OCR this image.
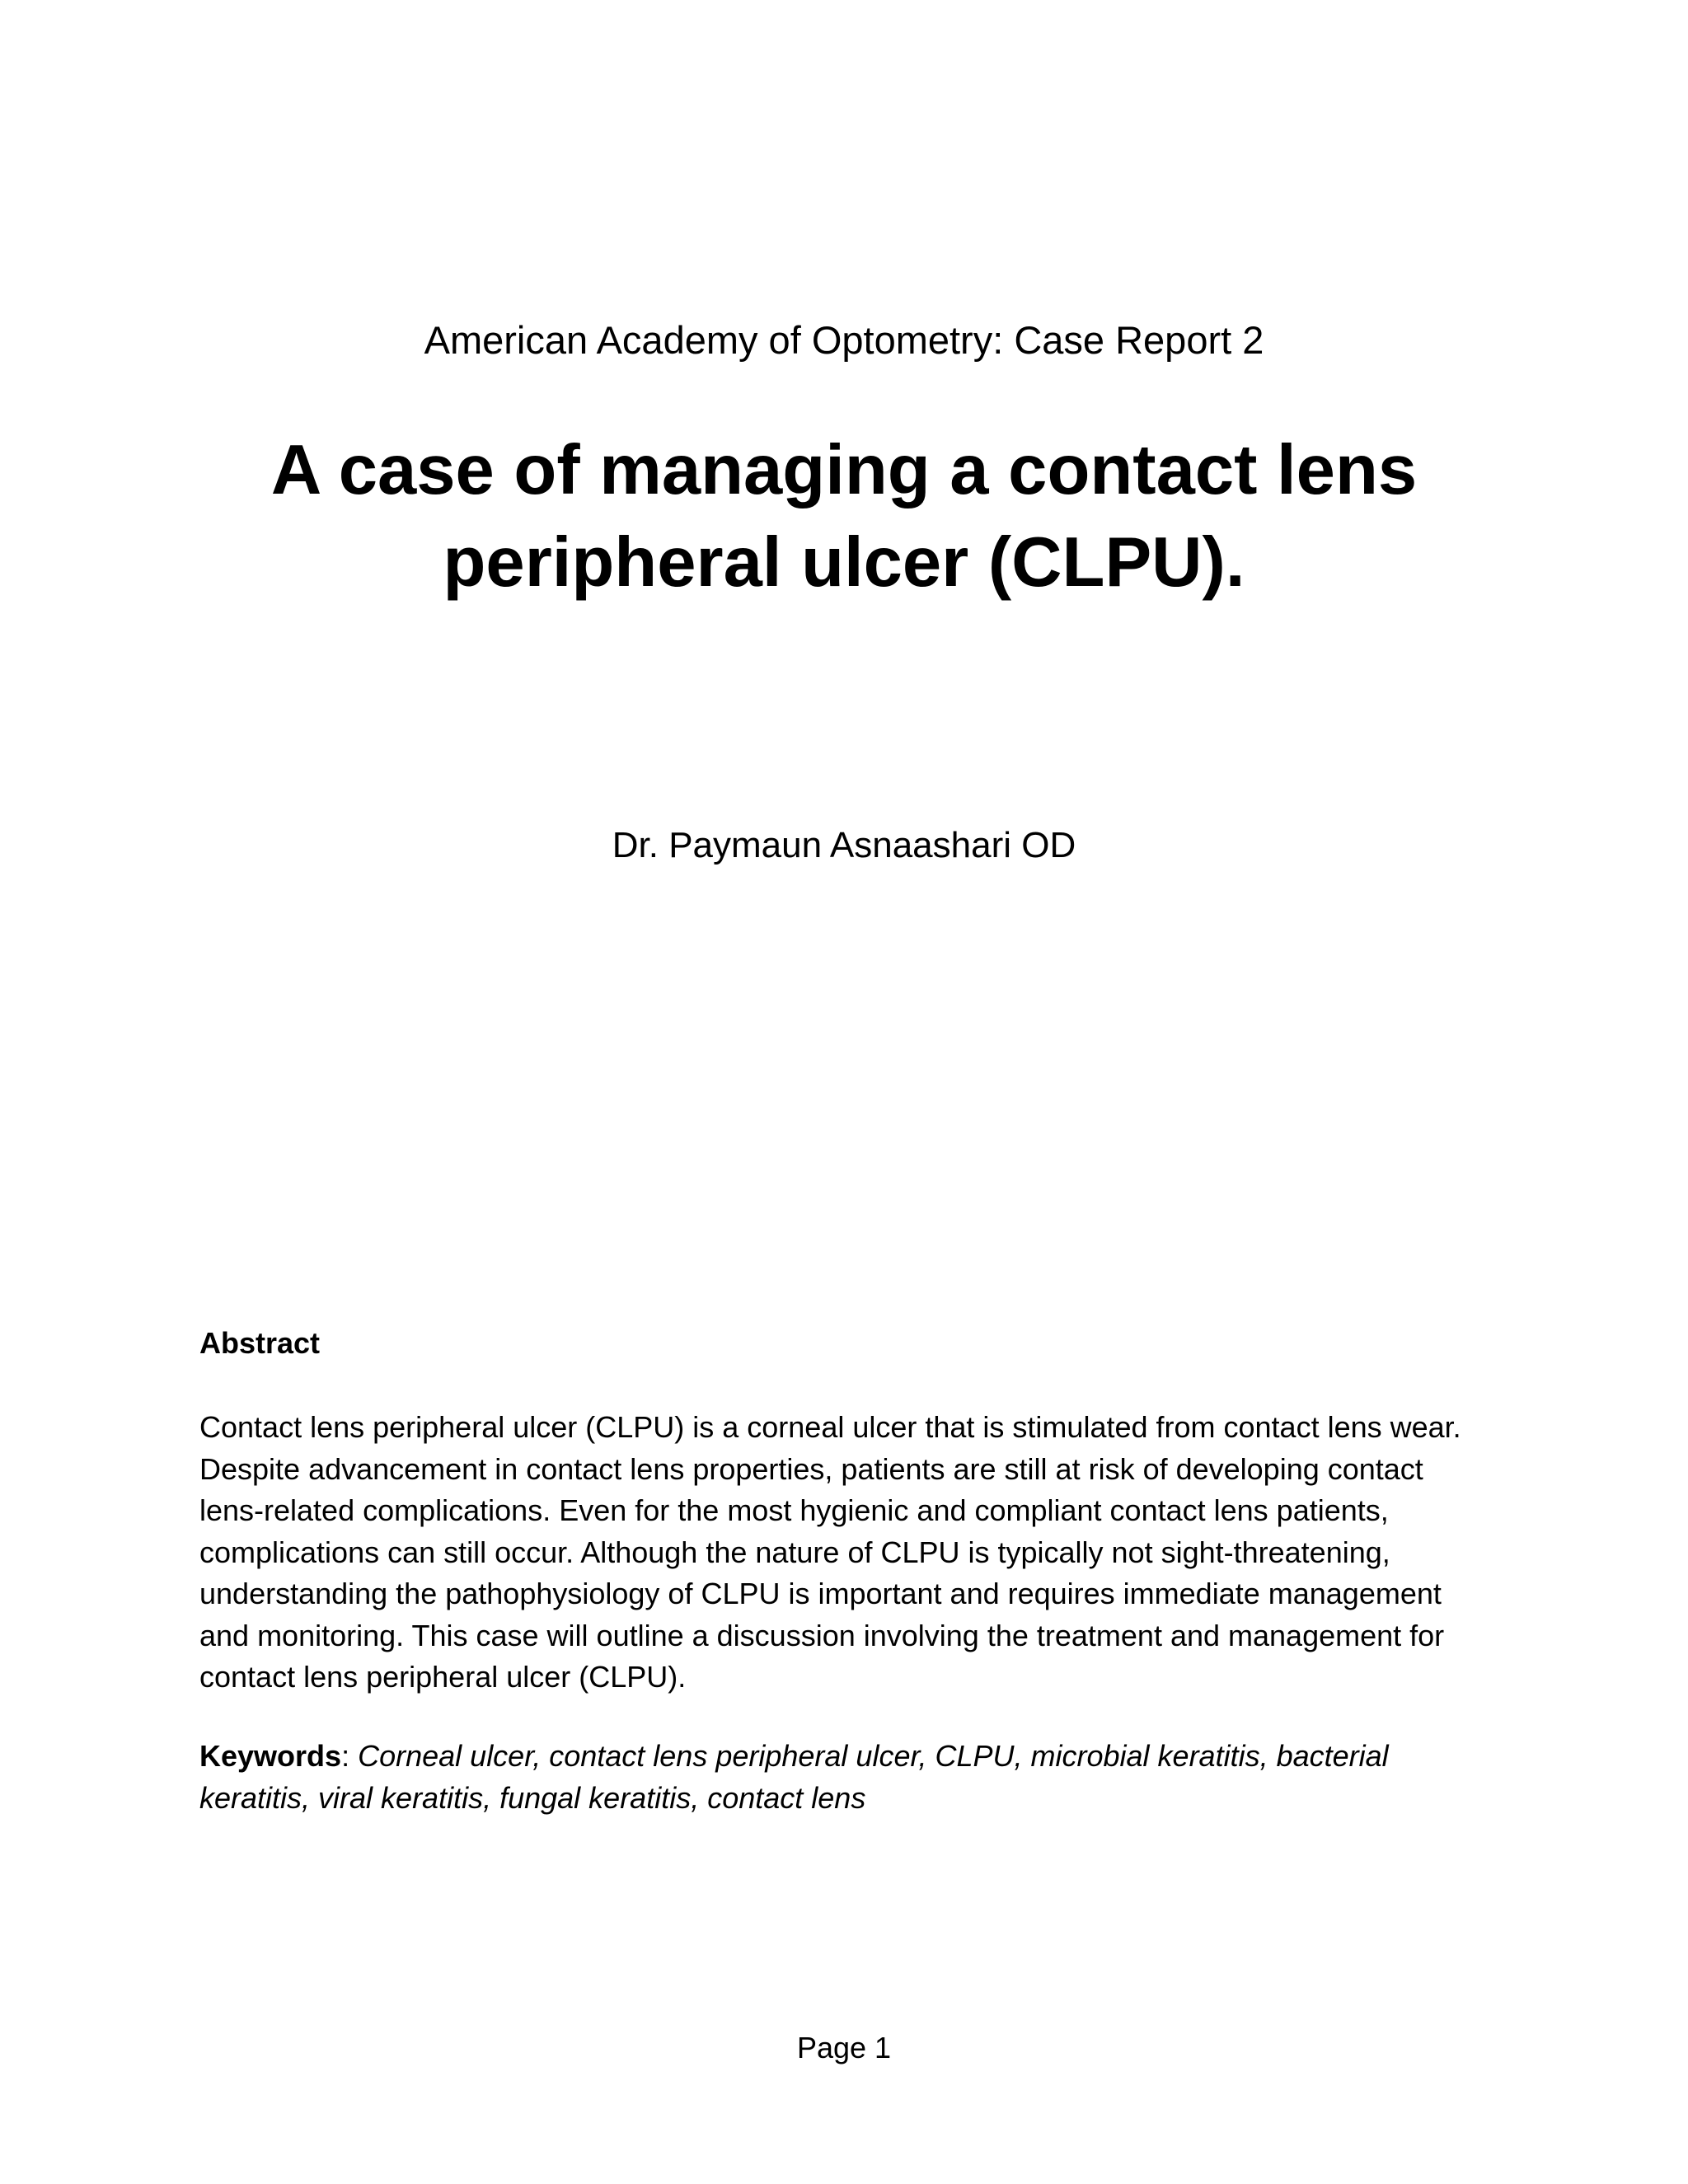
American Academy of Optometry: Case Report 2
A case of managing a contact lens
peripheral ulcer (CLPU).
Dr. Paymaun Asnaashari OD
Abstract
Contact lens peripheral ulcer (CLPU) is a corneal ulcer that is stimulated from contact lens wear.
Despite advancement in contact lens properties, patients are still at risk of developing contact
lens-related complications. Even for the most hygienic and compliant contact lens patients,
complications can still occur. Although the nature of CLPU is typically not sight-threatening,
understanding the pathophysiology of CLPU is important and requires immediate management
and monitoring. This case will outline a discussion involving the treatment and management for
contact lens peripheral ulcer (CLPU).
Keywords: Corneal ulcer, contact lens peripheral ulcer, CLPU, microbial keratitis, bacterial
keratitis, viral keratitis, fungal keratitis, contact lens
Page 1
